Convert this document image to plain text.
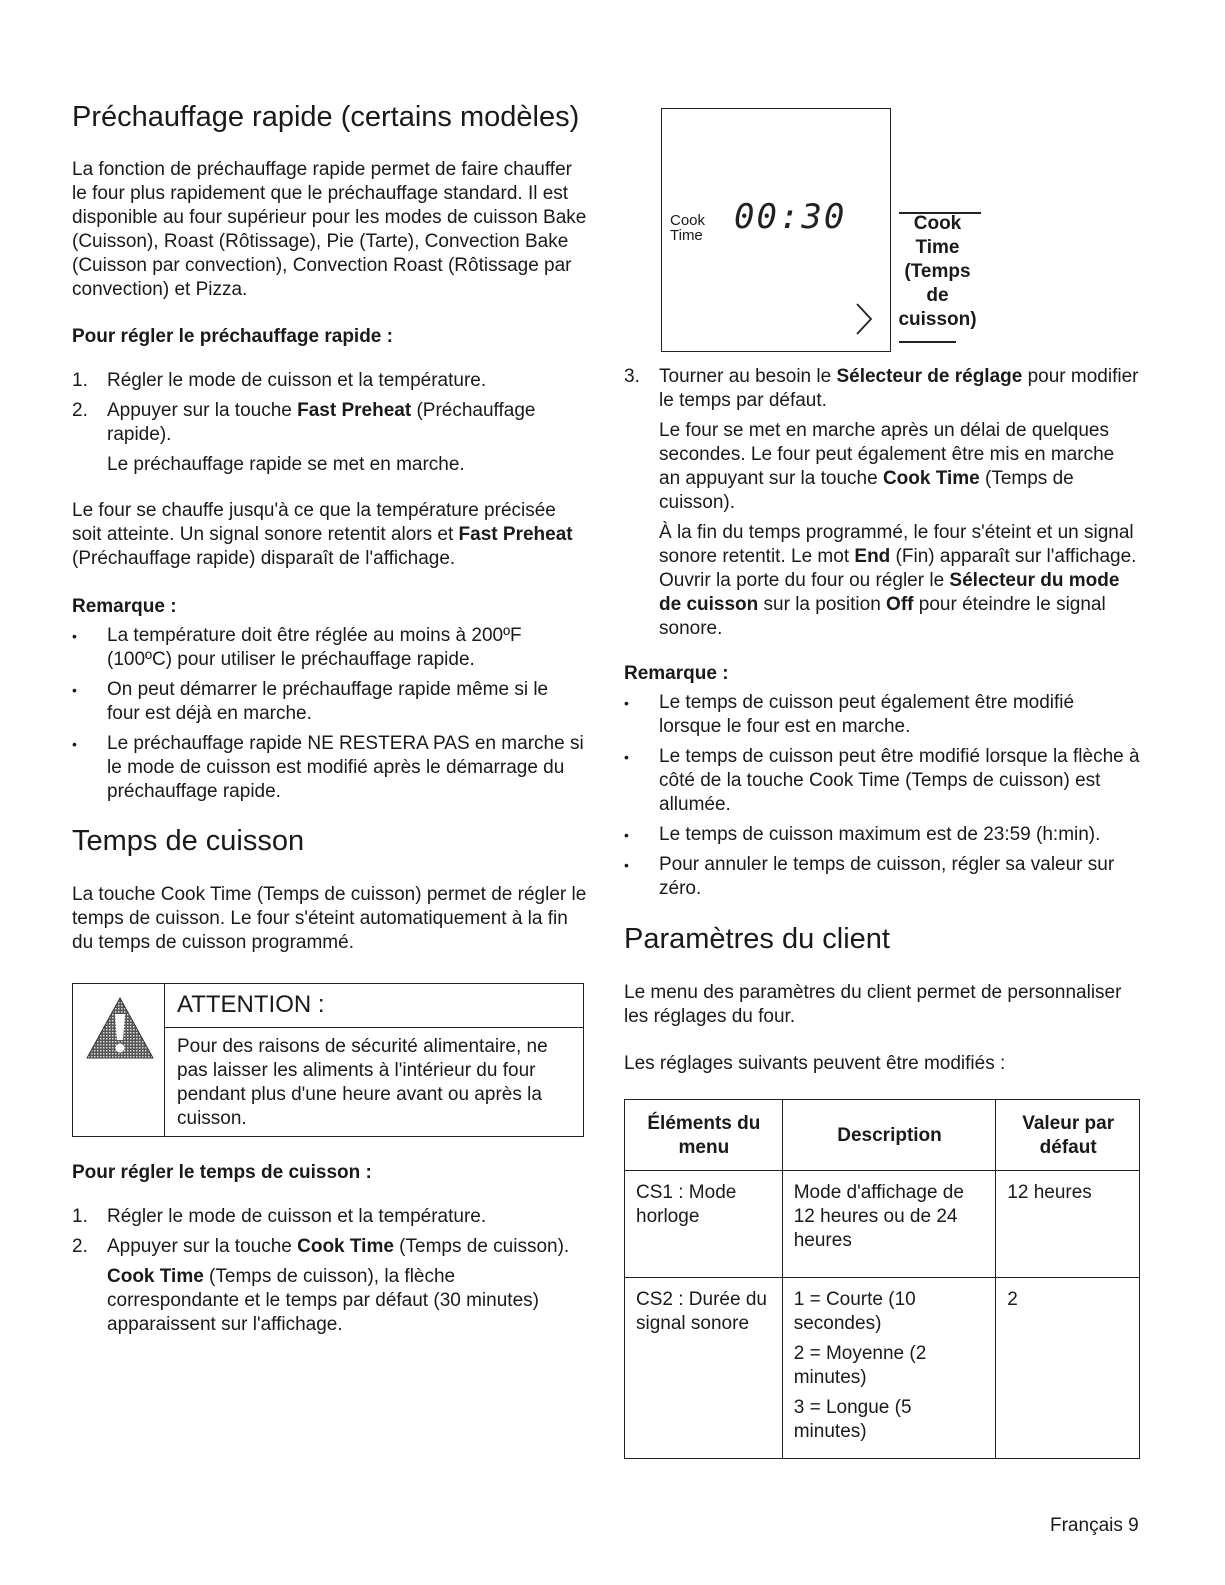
Préchauffage rapide (certains modèles)

La fonction de préchauffage rapide permet de faire chauffer le four plus rapidement que le préchauffage standard. Il est disponible au four supérieur pour les modes de cuisson Bake (Cuisson), Roast (Rôtissage), Pie (Tarte), Convection Bake (Cuisson par convection), Convection Roast (Rôtissage par convection) et Pizza.

Pour régler le préchauffage rapide :

1. Régler le mode de cuisson et la température.
2. Appuyer sur la touche Fast Preheat (Préchauffage rapide).

Le préchauffage rapide se met en marche.

Le four se chauffe jusqu'à ce que la température précisée soit atteinte. Un signal sonore retentit alors et Fast Preheat (Préchauffage rapide) disparaît de l'affichage.

Remarque :

• La température doit être réglée au moins à 200ºF (100ºC) pour utiliser le préchauffage rapide.
• On peut démarrer le préchauffage rapide même si le four est déjà en marche.
• Le préchauffage rapide NE RESTERA PAS en marche si le mode de cuisson est modifié après le démarrage du préchauffage rapide.
Temps de cuisson

La touche Cook Time (Temps de cuisson) permet de régler le temps de cuisson. Le four s'éteint automatiquement à la fin du temps de cuisson programmé.

ATTENTION :

Pour des raisons de sécurité alimentaire, ne pas laisser les aliments à l'intérieur du four pendant plus d'une heure avant ou après la cuisson.

Pour régler le temps de cuisson :

1. Régler le mode de cuisson et la température.
2. Appuyer sur la touche Cook Time (Temps de cuisson).

Cook Time (Temps de cuisson), la flèche correspondante et le temps par défaut (30 minutes) apparaissent sur l'affichage.

Cook
Time 00:30	Cook
Time
(Temps
de
cuisson)
3. Tourner au besoin le Sélecteur de réglage pour modifier le temps par défaut.

Le four se met en marche après un délai de quelques secondes. Le four peut également être mis en marche an appuyant sur la touche Cook Time (Temps de cuisson).

À la fin du temps programmé, le four s'éteint et un signal sonore retentit. Le mot End (Fin) apparaît sur l'affichage. Ouvrir la porte du four ou régler le Sélecteur du mode de cuisson sur la position Off pour éteindre le signal sonore.

Remarque :

• Le temps de cuisson peut également être modifié lorsque le four est en marche.
• Le temps de cuisson peut être modifié lorsque la flèche à côté de la touche Cook Time (Temps de cuisson) est allumée.
• Le temps de cuisson maximum est de 23:59 (h:min).
• Pour annuler le temps de cuisson, régler sa valeur sur zéro.
Paramètres du client

Le menu des paramètres du client permet de personnaliser les réglages du four.

Les réglages suivants peuvent être modifiés :

Éléments du menu	Description	Valeur par défaut
CS1 : Mode horloge	Mode d'affichage de 12 heures ou de 24 heures	12 heures
CS2 : Durée du signal sonore	1 = Courte (10 secondes)

2 = Moyenne (2 minutes)

3 = Longue (5 minutes)	2
Français 9
